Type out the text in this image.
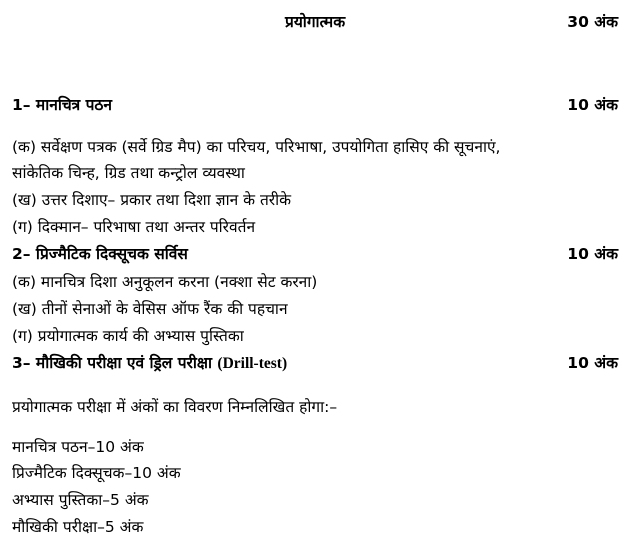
प्रयोगात्मक	30 अंक
1– मानचित्र पठन	10 अंक
(क) सर्वेक्षण पत्रक (सर्वे ग्रिड मैप) का परिचय, परिभाषा, उपयोगिता हासिए की सूचनाएं,
सांकेतिक चिन्ह, ग्रिड तथा कन्ट्रोल व्यवस्था
(ख) उत्तर दिशाए– प्रकार तथा दिशा ज्ञान के तरीके
(ग) दिक्मान– परिभाषा तथा अन्तर परिवर्तन
2– प्रिज्मैटिक दिक्सूचक सर्विस	10 अंक
(क) मानचित्र दिशा अनुकूलन करना (नक्शा सेट करना)
(ख) तीनों सेनाओं के वेसिस ऑफ रैंक की पहचान
(ग) प्रयोगात्मक कार्य की अभ्यास पुस्तिका
3– मौखिकी परीक्षा एवं ड्रिल परीक्षा (Drill-test)	10 अंक
प्रयोगात्मक परीक्षा में अंकों का विवरण निम्नलिखित होगा:–
मानचित्र पठन–10 अंक
प्रिज्मैटिक दिक्सूचक–10 अंक
अभ्यास पुस्तिका–5 अंक
मौखिकी परीक्षा–5 अंक
